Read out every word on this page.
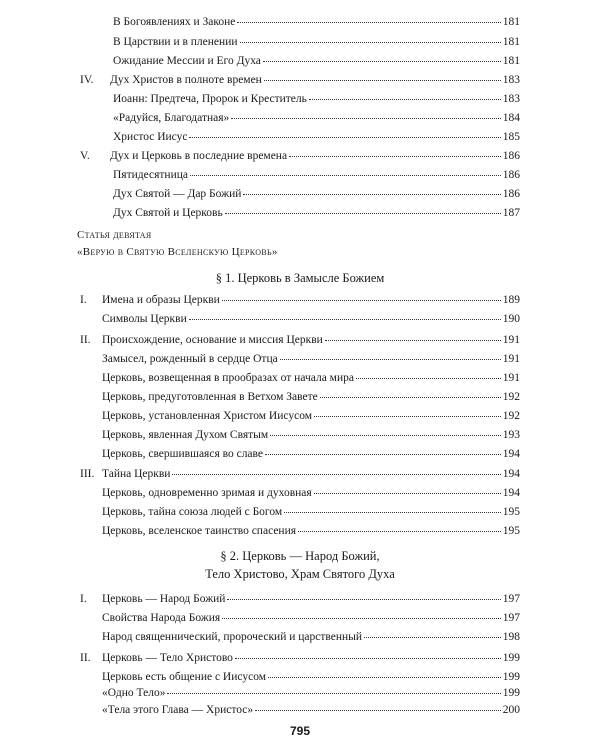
В Богоявлениях и Законе	181
В Царствии и в пленении	181
Ожидание Мессии и Его Духа	181
IV.	Дух Христов в полноте времен	183
Иоанн: Предтеча, Пророк и Креститель	183
«Радуйся, Благодатная»	184
Христос Иисус	185
V.	Дух и Церковь в последние времена	186
Пятидесятница	186
Дух Святой — Дар Божий	186
Дух Святой и Церковь	187
Статья девятая
«Верую в Святую Вселенскую Церковь»
§ 1. Церковь в Замысле Божием
I.	Имена и образы Церкви	189
Символы Церкви	190
II. Происхождение, основание и миссия Церкви	191
Замысел, рожденный в сердце Отца	191
Церковь, возвещенная в прообразах от начала мира	191
Церковь, предуготовленная в Ветхом Завете	192
Церковь, установленная Христом Иисусом	192
Церковь, явленная Духом Святым	193
Церковь, свершившаяся во славе	194
III. Тайна Церкви	194
Церковь, одновременно зримая и духовная	194
Церковь, тайна союза людей с Богом	195
Церковь, вселенское таинство спасения	195
§ 2. Церковь — Народ Божий,
Тело Христово, Храм Святого Духа
I.	Церковь — Народ Божий	197
Свойства Народа Божия	197
Народ священнический, пророческий и царственный	198
II. Церковь — Тело Христово	199
Церковь есть общение с Иисусом	199
«Одно Тело»	199
«Тела этого Глава — Христос»	200
795
